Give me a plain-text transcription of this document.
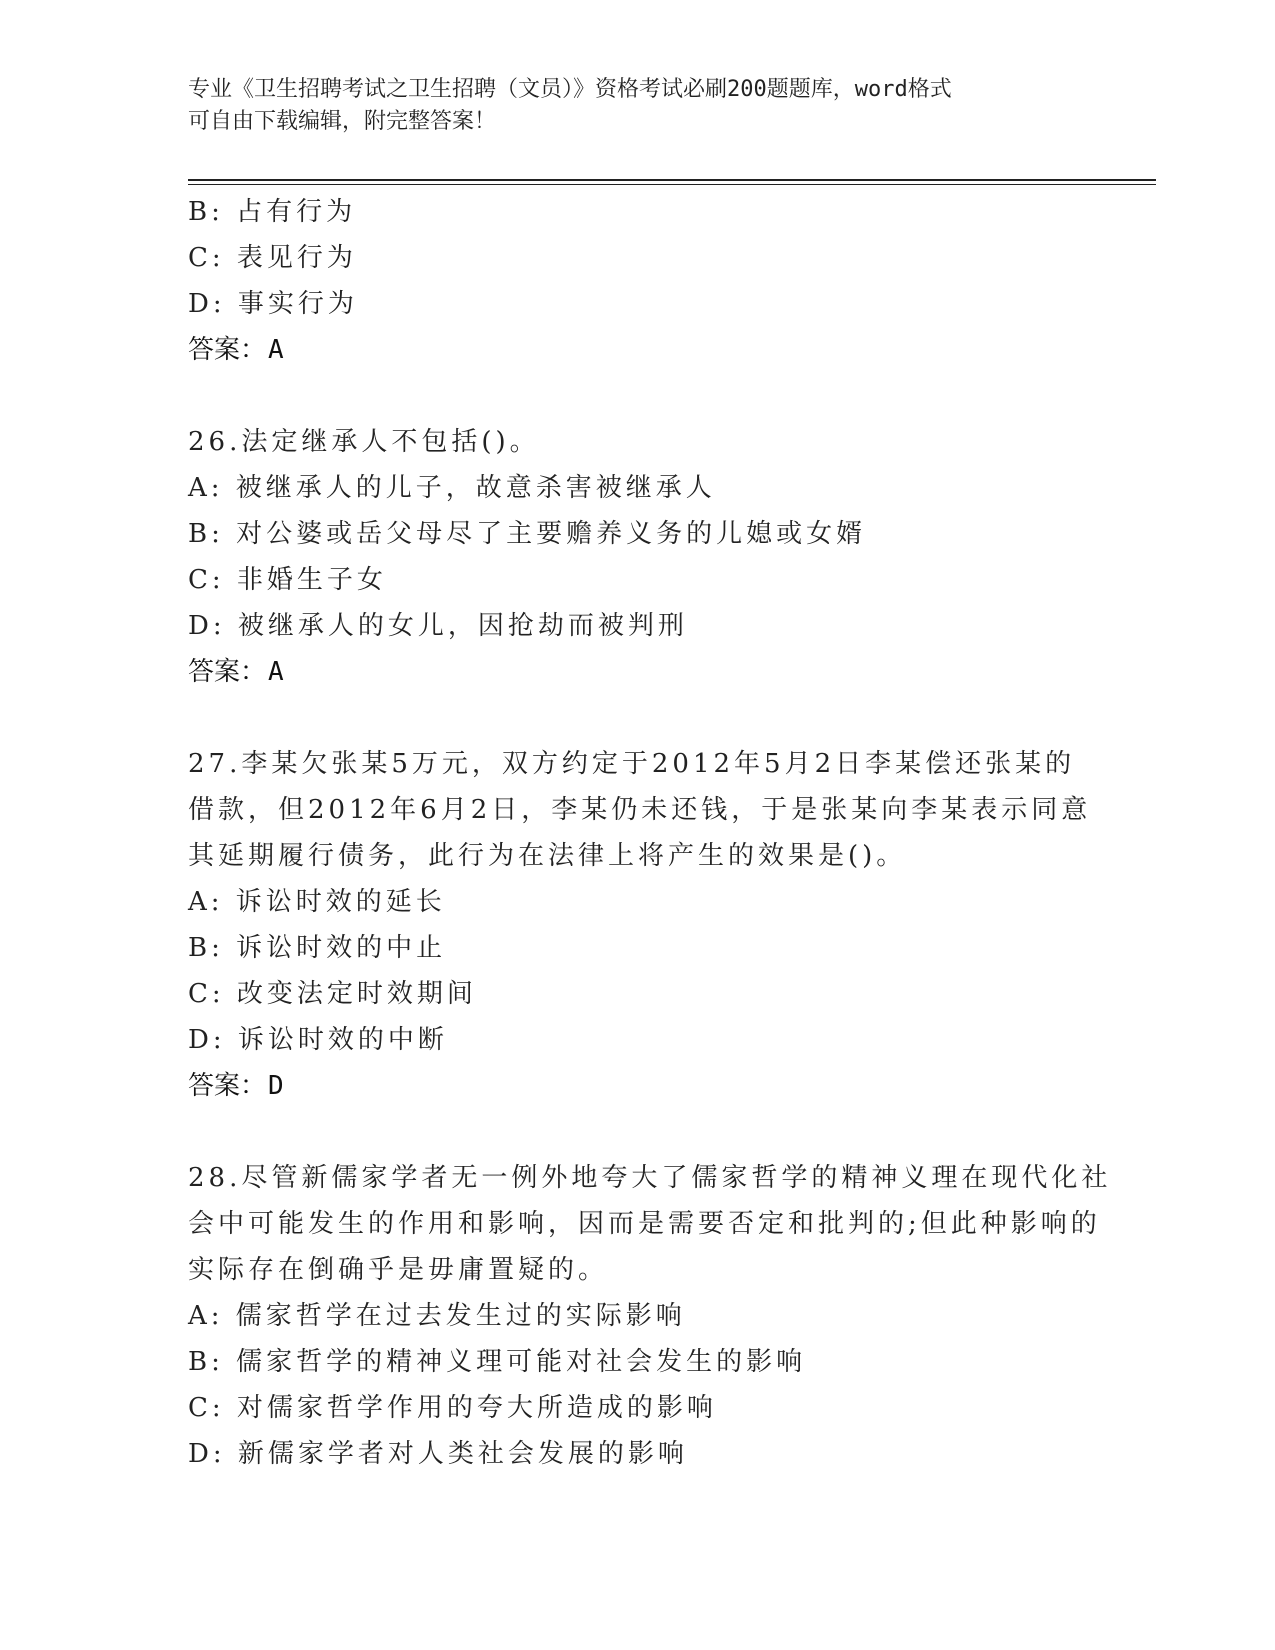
专业《卫生招聘考试之卫生招聘（文员）》资格考试必刷200题题库，word格式
可自由下载编辑，附完整答案！
B: 占有行为
C: 表见行为
D: 事实行为
答案：A
26.法定继承人不包括()。
A: 被继承人的儿子，故意杀害被继承人
B: 对公婆或岳父母尽了主要赡养义务的儿媳或女婿
C: 非婚生子女
D: 被继承人的女儿，因抢劫而被判刑
答案：A
27.李某欠张某5万元，双方约定于2012年5月2日李某偿还张某的
借款，但2012年6月2日，李某仍未还钱，于是张某向李某表示同意
其延期履行债务，此行为在法律上将产生的效果是()。
A: 诉讼时效的延长
B: 诉讼时效的中止
C: 改变法定时效期间
D: 诉讼时效的中断
答案：D
28.尽管新儒家学者无一例外地夸大了儒家哲学的精神义理在现代化社
会中可能发生的作用和影响，因而是需要否定和批判的;但此种影响的
实际存在倒确乎是毋庸置疑的。
A: 儒家哲学在过去发生过的实际影响
B: 儒家哲学的精神义理可能对社会发生的影响
C: 对儒家哲学作用的夸大所造成的影响
D: 新儒家学者对人类社会发展的影响
